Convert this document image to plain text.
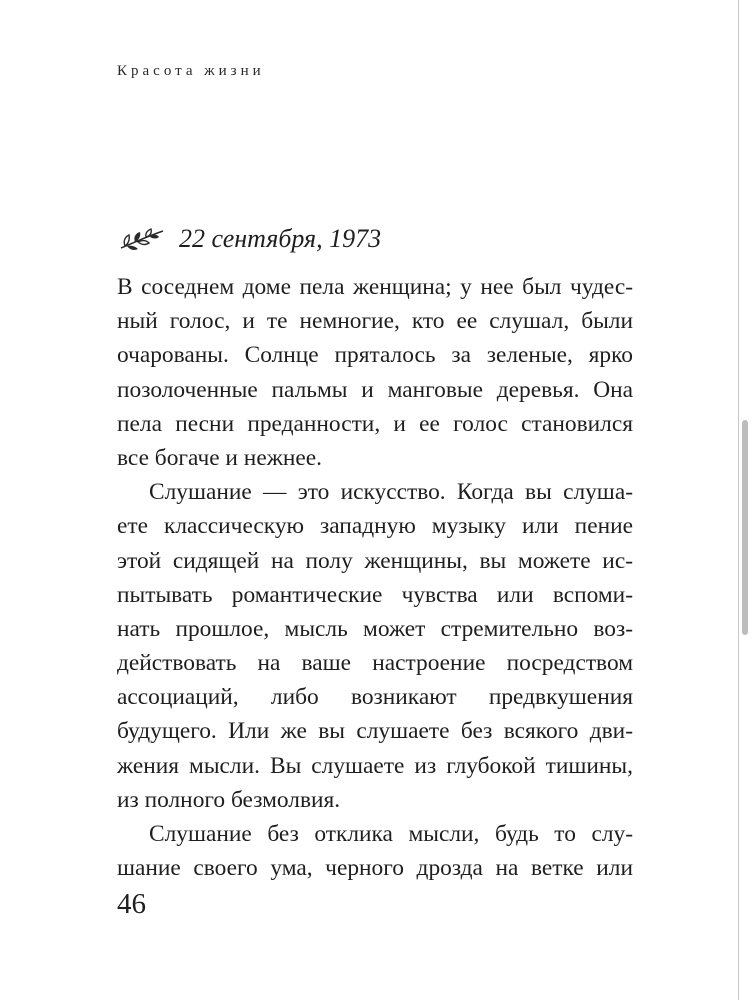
Красота жизни
22 сентября, 1973
В соседнем доме пела женщина; у нее был чудес-
ный голос, и те немногие, кто ее слушал, были
очарованы. Солнце пряталось за зеленые, ярко
позолоченные пальмы и манговые деревья. Она
пела песни преданности, и ее голос становился
все богаче и нежнее.
Слушание — это искусство. Когда вы слуша-
ете классическую западную музыку или пение
этой сидящей на полу женщины, вы можете ис-
пытывать романтические чувства или вспоми-
нать прошлое, мысль может стремительно воз-
действовать на ваше настроение посредством
ассоциаций, либо возникают предвкушения
будущего. Или же вы слушаете без всякого дви-
жения мысли. Вы слушаете из глубокой тишины,
из полного безмолвия.
Слушание без отклика мысли, будь то слу-
шание своего ума, черного дрозда на ветке или
46
